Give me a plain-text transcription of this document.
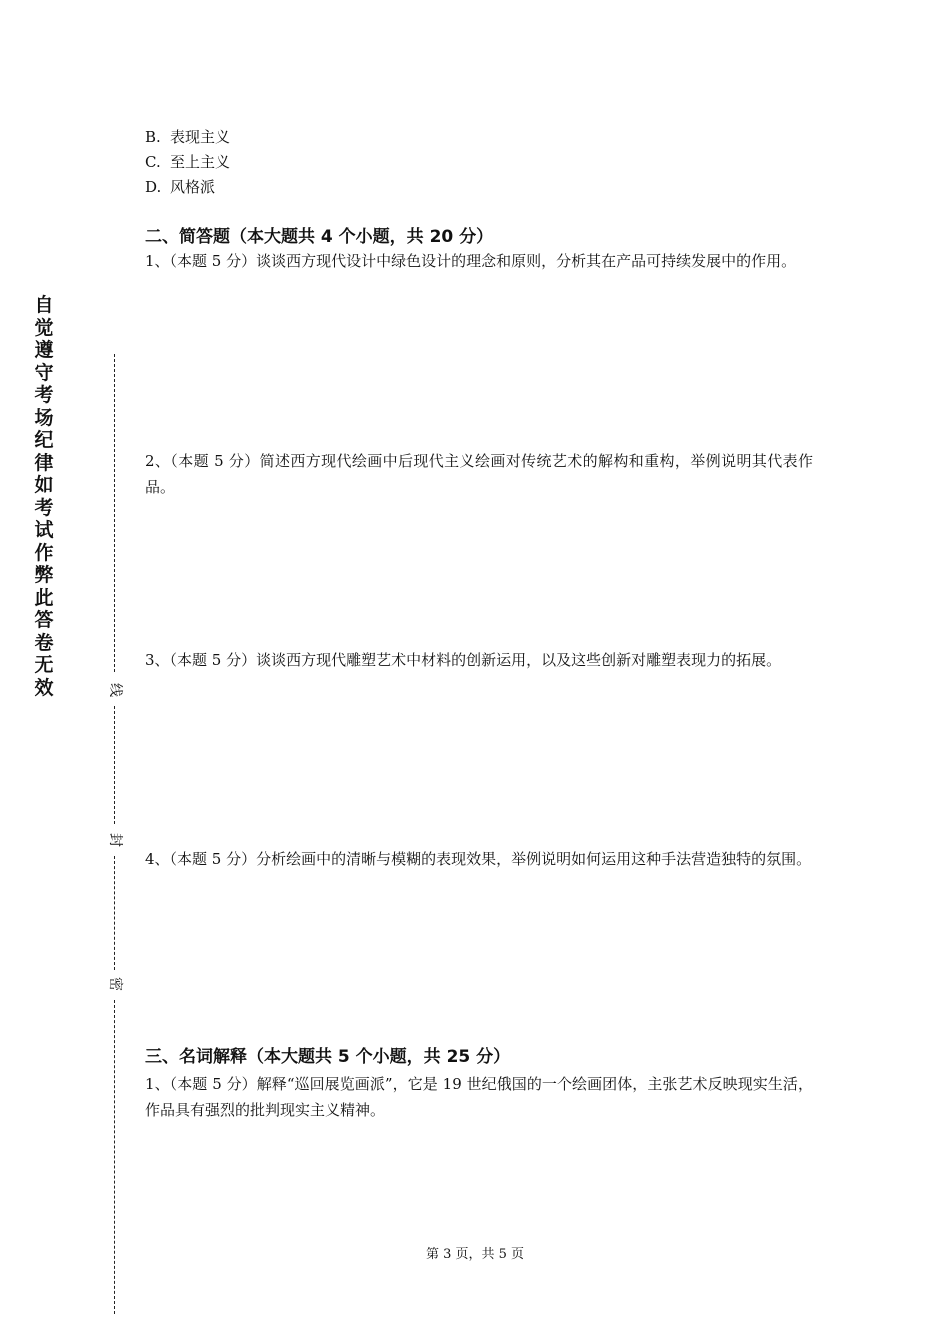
自觉遵守考场纪律如考试作弊此答卷无效	线
封
密
B. 表现主义
C. 至上主义
D. 风格派
二、简答题（本大题共 4 个小题，共 20 分）
1、（本题 5 分）谈谈西方现代设计中绿色设计的理念和原则，分析其在产品可持续发展中的作用。
2、（本题 5 分）简述西方现代绘画中后现代主义绘画对传统艺术的解构和重构，举例说明其代表作品。
3、（本题 5 分）谈谈西方现代雕塑艺术中材料的创新运用，以及这些创新对雕塑表现力的拓展。
4、（本题 5 分）分析绘画中的清晰与模糊的表现效果，举例说明如何运用这种手法营造独特的氛围。
三、名词解释（本大题共 5 个小题，共 25 分）
1、（本题 5 分）解释“巡回展览画派”，它是 19 世纪俄国的一个绘画团体，主张艺术反映现实生活，作品具有强烈的批判现实主义精神。
第 3 页，共 5 页
